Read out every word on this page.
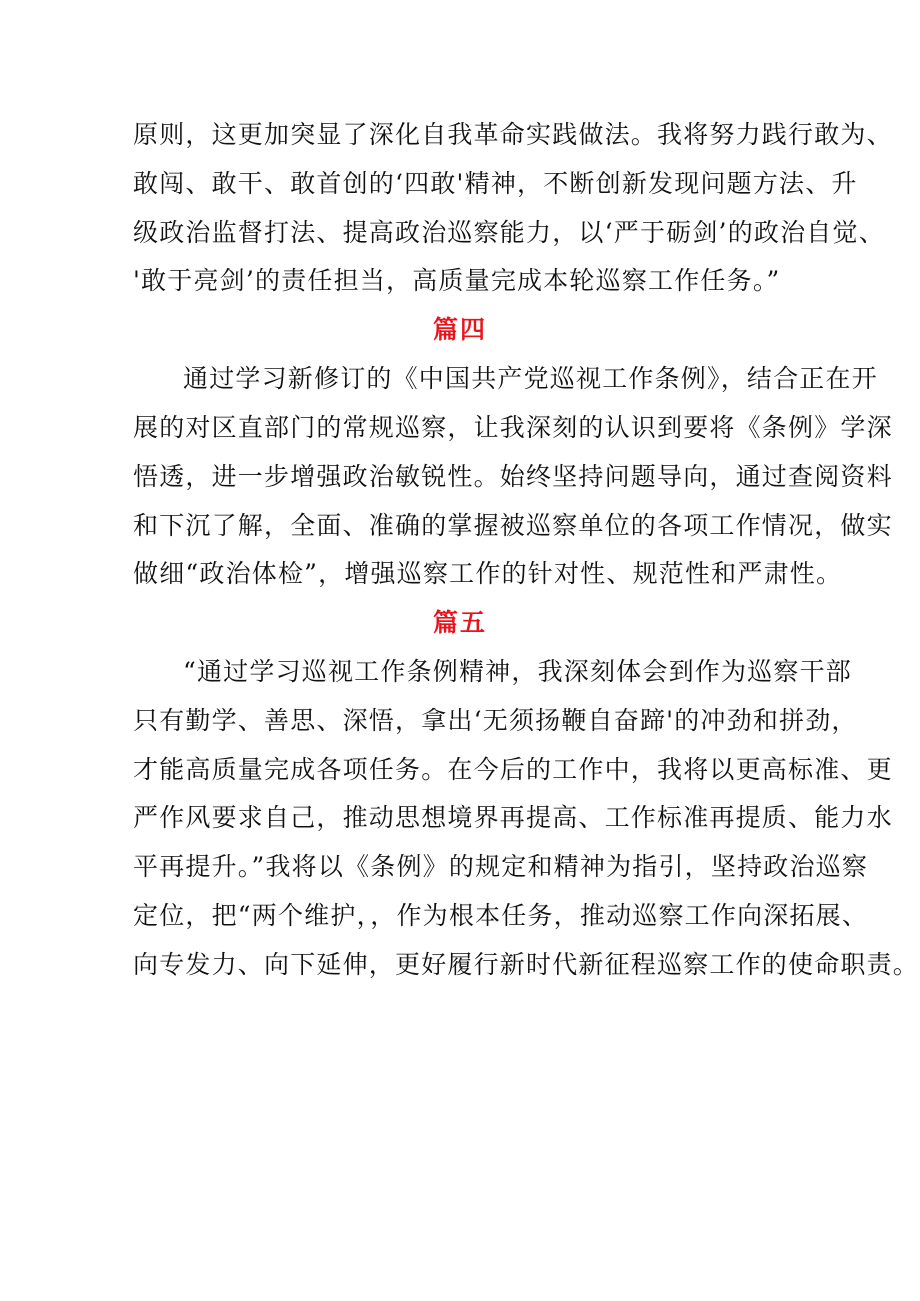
原则，这更加突显了深化自我革命实践做法。我将努力践行敢为、
敢闯、敢干、敢首创的‘四敢'精神，不断创新发现问题方法、升
级政治监督打法、提高政治巡察能力，以‘严于砺剑’的政治自觉、
'敢于亮剑’的责任担当，高质量完成本轮巡察工作任务。”
篇四
通过学习新修订的《中国共产党巡视工作条例》，结合正在开
展的对区直部门的常规巡察，让我深刻的认识到要将《条例》学深
悟透，进一步增强政治敏锐性。始终坚持问题导向，通过查阅资料
和下沉了解，全面、准确的掌握被巡察单位的各项工作情况，做实
做细“政治体检”，增强巡察工作的针对性、规范性和严肃性。
篇五
“通过学习巡视工作条例精神，我深刻体会到作为巡察干部
只有勤学、善思、深悟，拿出‘无须扬鞭自奋蹄'的冲劲和拼劲，
才能高质量完成各项任务。在今后的工作中，我将以更高标准、更
严作风要求自己，推动思想境界再提高、工作标准再提质、能力水
平再提升。”我将以《条例》的规定和精神为指引，坚持政治巡察
定位，把“两个维护，，作为根本任务，推动巡察工作向深拓展、
向专发力、向下延伸，更好履行新时代新征程巡察工作的使命职责。
